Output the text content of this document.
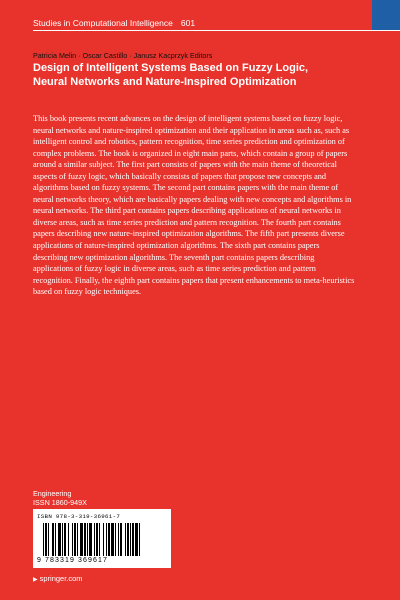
Studies in Computational Intelligence 601
Patricia Melin · Oscar Castillo · Janusz Kacprzyk Editors
Design of Intelligent Systems Based on Fuzzy Logic, Neural Networks and Nature-Inspired Optimization
This book presents recent advances on the design of intelligent systems based on fuzzy logic, neural networks and nature-inspired optimization and their application in areas such as, such as intelligent control and robotics, pattern recognition, time series prediction and optimization of complex problems. The book is organized in eight main parts, which contain a group of papers around a similar subject. The first part consists of papers with the main theme of theoretical aspects of fuzzy logic, which basically consists of papers that propose new concepts and algorithms based on fuzzy systems. The second part contains papers with the main theme of neural networks theory, which are basically papers dealing with new concepts and algorithms in neural networks. The third part contains papers describing applications of neural networks in diverse areas, such as time series prediction and pattern recognition. The fourth part contains papers describing new nature-inspired optimization algorithms. The fifth part presents diverse applications of nature-inspired optimization algorithms. The sixth part contains papers describing new optimization algorithms. The seventh part contains papers describing applications of fuzzy logic in diverse areas, such as time series prediction and pattern recognition. Finally, the eighth part contains papers that present enhancements to meta-heuristics based on fuzzy logic techniques.
Engineering
ISSN 1860-949X
ISBN 978-3-319-36961-7
9 783319 369617
▶ springer.com
